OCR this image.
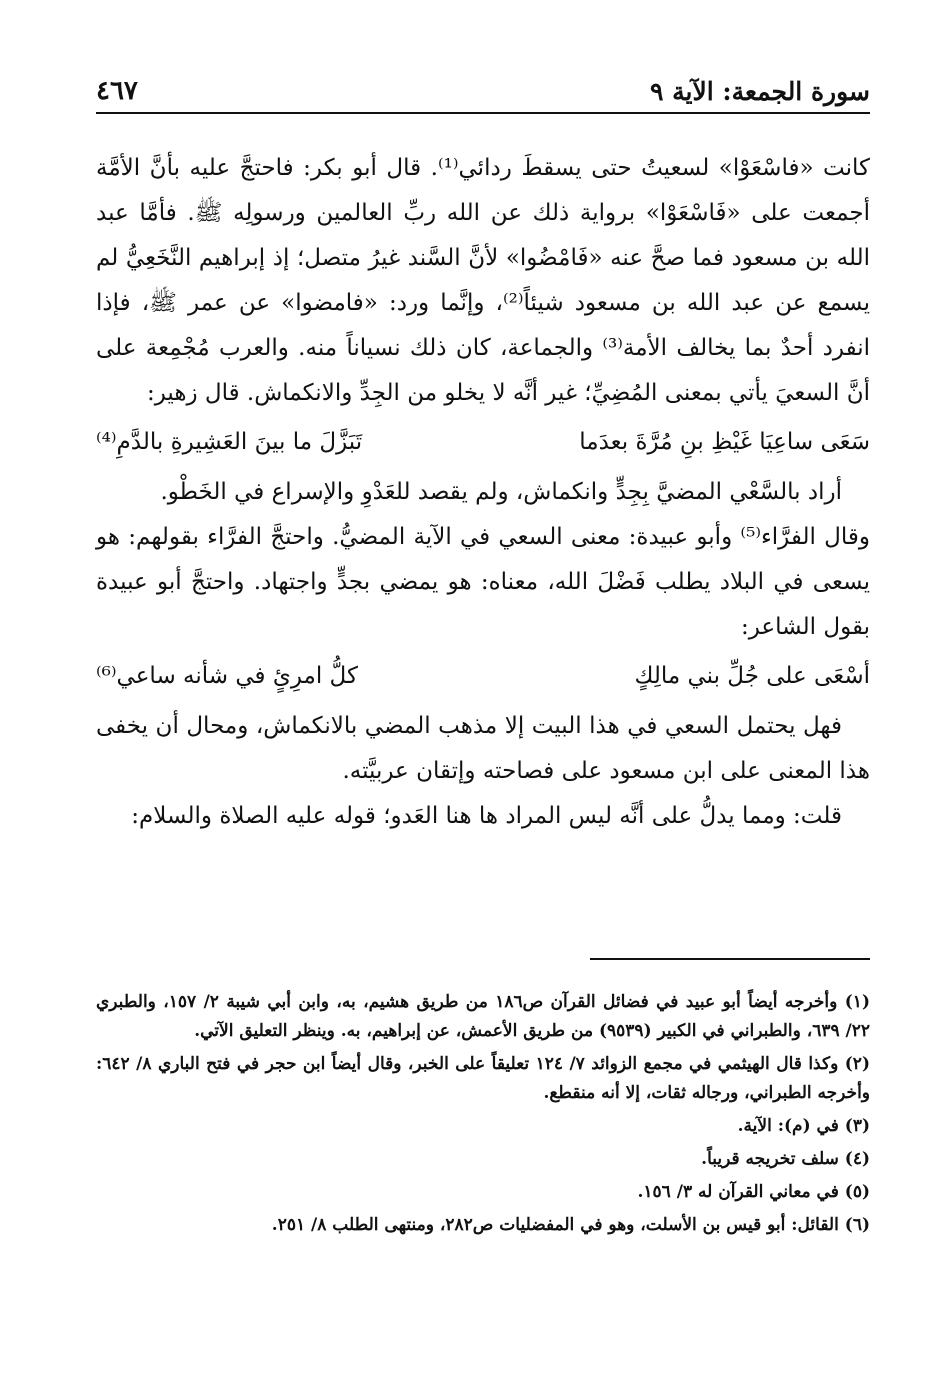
سورة الجمعة: الآية ٩
٤٦٧

كانت «فاسْعَوْا» لسعيتُ حتى يسقطَ ردائي⁽¹⁾. قال أبو بكر: فاحتجَّ عليه بأنَّ الأمَّة أجمعت على «فَاسْعَوْا» برواية ذلك عن الله ربِّ العالمين ورسولِه ﷺ. فأمَّا عبد الله بن مسعود فما صحَّ عنه «فَامْضُوا» لأنَّ السَّند غيرُ متصل؛ إذ إبراهيم النَّخَعِيُّ لم يسمع عن عبد الله بن مسعود شيئاً⁽²⁾، وإنَّما ورد: «فامضوا» عن عمر ﷺ، فإذا انفرد أحدٌ بما يخالف الأمة⁽³⁾ والجماعة، كان ذلك نسياناً منه. والعرب مُجْمِعة على أنَّ السعيَ يأتي بمعنى المُضِيِّ؛ غير أنَّه لا يخلو من الجِدِّ والانكماش. قال زهير:

سَعَى ساعِيَا غَيْظِ بنِ مُرَّةَ بعدَما
تَبَزَّلَ ما بينَ العَشِيرةِ بالدَّمِ⁽⁴⁾

أراد بالسَّعْي المضيَّ بِجِدٍّ وانكماش، ولم يقصد للعَدْوِ والإسراع في الخَطْو.

وقال الفرَّاء⁽⁵⁾ وأبو عبيدة: معنى السعي في الآية المضيُّ. واحتجَّ الفرَّاء بقولهم: هو يسعى في البلاد يطلب فَضْلَ الله، معناه: هو يمضي بجدٍّ واجتهاد. واحتجَّ أبو عبيدة بقول الشاعر:

أسْعَى على جُلِّ بني مالِكٍ
كلُّ امرِئٍ في شأنه ساعي⁽⁶⁾

فهل يحتمل السعي في هذا البيت إلا مذهب المضي بالانكماش، ومحال أن يخفى هذا المعنى على ابن مسعود على فصاحته وإتقان عربيَّته.

قلت: ومما يدلُّ على أنَّه ليس المراد ها هنا العَدو؛ قوله عليه الصلاة والسلام:

(١) وأخرجه أيضاً أبو عبيد في فضائل القرآن ص١٨٦ من طريق هشيم، به، وابن أبي شيبة ٢/ ١٥٧، والطبري ٢٢/ ٦٣٩، والطبراني في الكبير (٩٥٣٩) من طريق الأعمش، عن إبراهيم، به. وينظر التعليق الآتي.

(٢) وكذا قال الهيثمي في مجمع الزوائد ٧/ ١٢٤ تعليقاً على الخبر، وقال أيضاً ابن حجر في فتح الباري ٨/ ٦٤٢: وأخرجه الطبراني، ورجاله ثقات، إلا أنه منقطع.

(٣) في (م): الآية.

(٤) سلف تخريجه قريباً.

(٥) في معاني القرآن له ٣/ ١٥٦.

(٦) القائل: أبو قيس بن الأسلت، وهو في المفضليات ص٢٨٢، ومنتهى الطلب ٨/ ٢٥١.
